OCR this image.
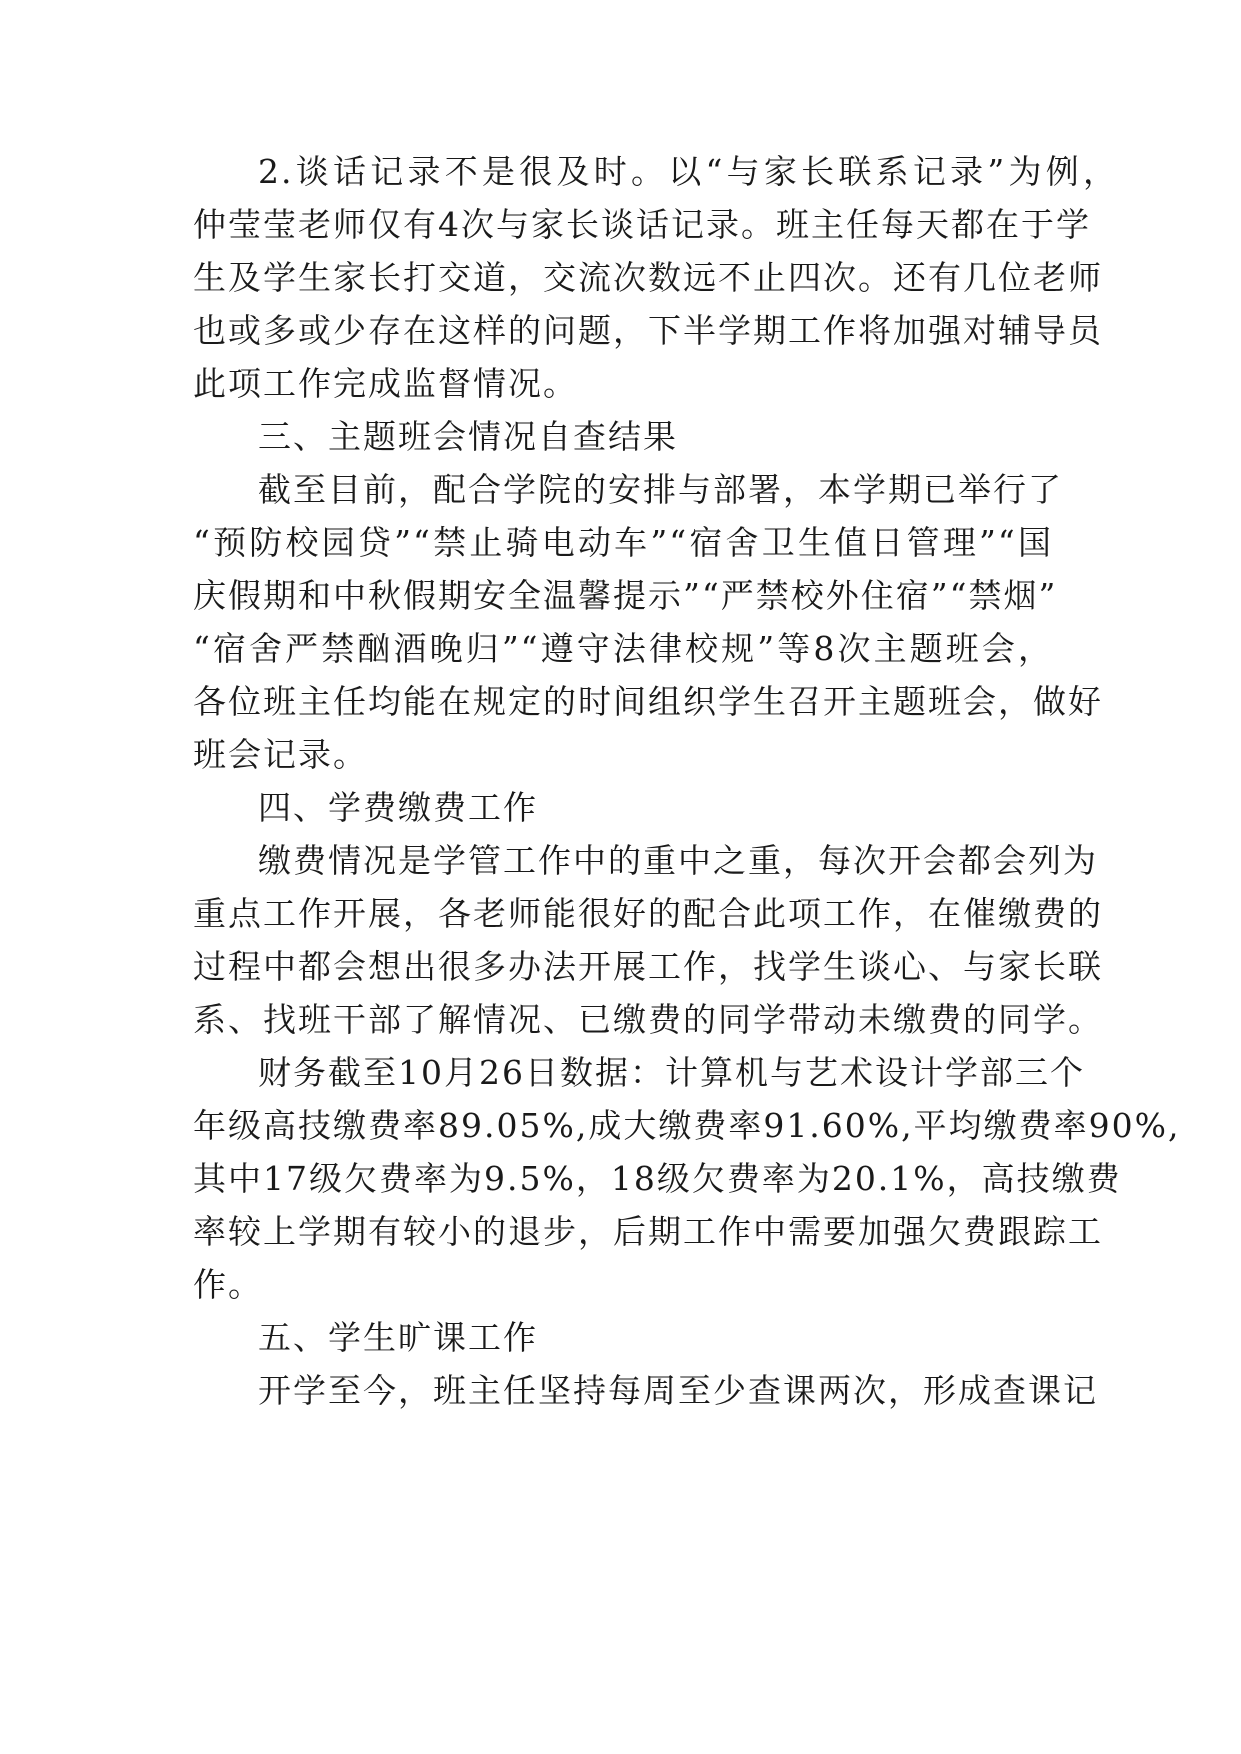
2.谈话记录不是很及时。以“与家长联系记录”为例，
仲莹莹老师仅有4次与家长谈话记录。班主任每天都在于学
生及学生家长打交道，交流次数远不止四次。还有几位老师
也或多或少存在这样的问题，下半学期工作将加强对辅导员
此项工作完成监督情况。
三、主题班会情况自查结果
截至目前，配合学院的安排与部署，本学期已举行了
“预防校园贷”“禁止骑电动车”“宿舍卫生值日管理”“国
庆假期和中秋假期安全温馨提示”“严禁校外住宿”“禁烟”
“宿舍严禁酗酒晚归”“遵守法律校规”等8次主题班会，
各位班主任均能在规定的时间组织学生召开主题班会，做好
班会记录。
四、学费缴费工作
缴费情况是学管工作中的重中之重，每次开会都会列为
重点工作开展，各老师能很好的配合此项工作，在催缴费的
过程中都会想出很多办法开展工作，找学生谈心、与家长联
系、找班干部了解情况、已缴费的同学带动未缴费的同学。
财务截至10月26日数据：计算机与艺术设计学部三个
年级高技缴费率89.05%,成大缴费率91.60%,平均缴费率90%,
其中17级欠费率为9.5%，18级欠费率为20.1%，高技缴费
率较上学期有较小的退步，后期工作中需要加强欠费跟踪工
作。
五、学生旷课工作
开学至今，班主任坚持每周至少查课两次，形成查课记
